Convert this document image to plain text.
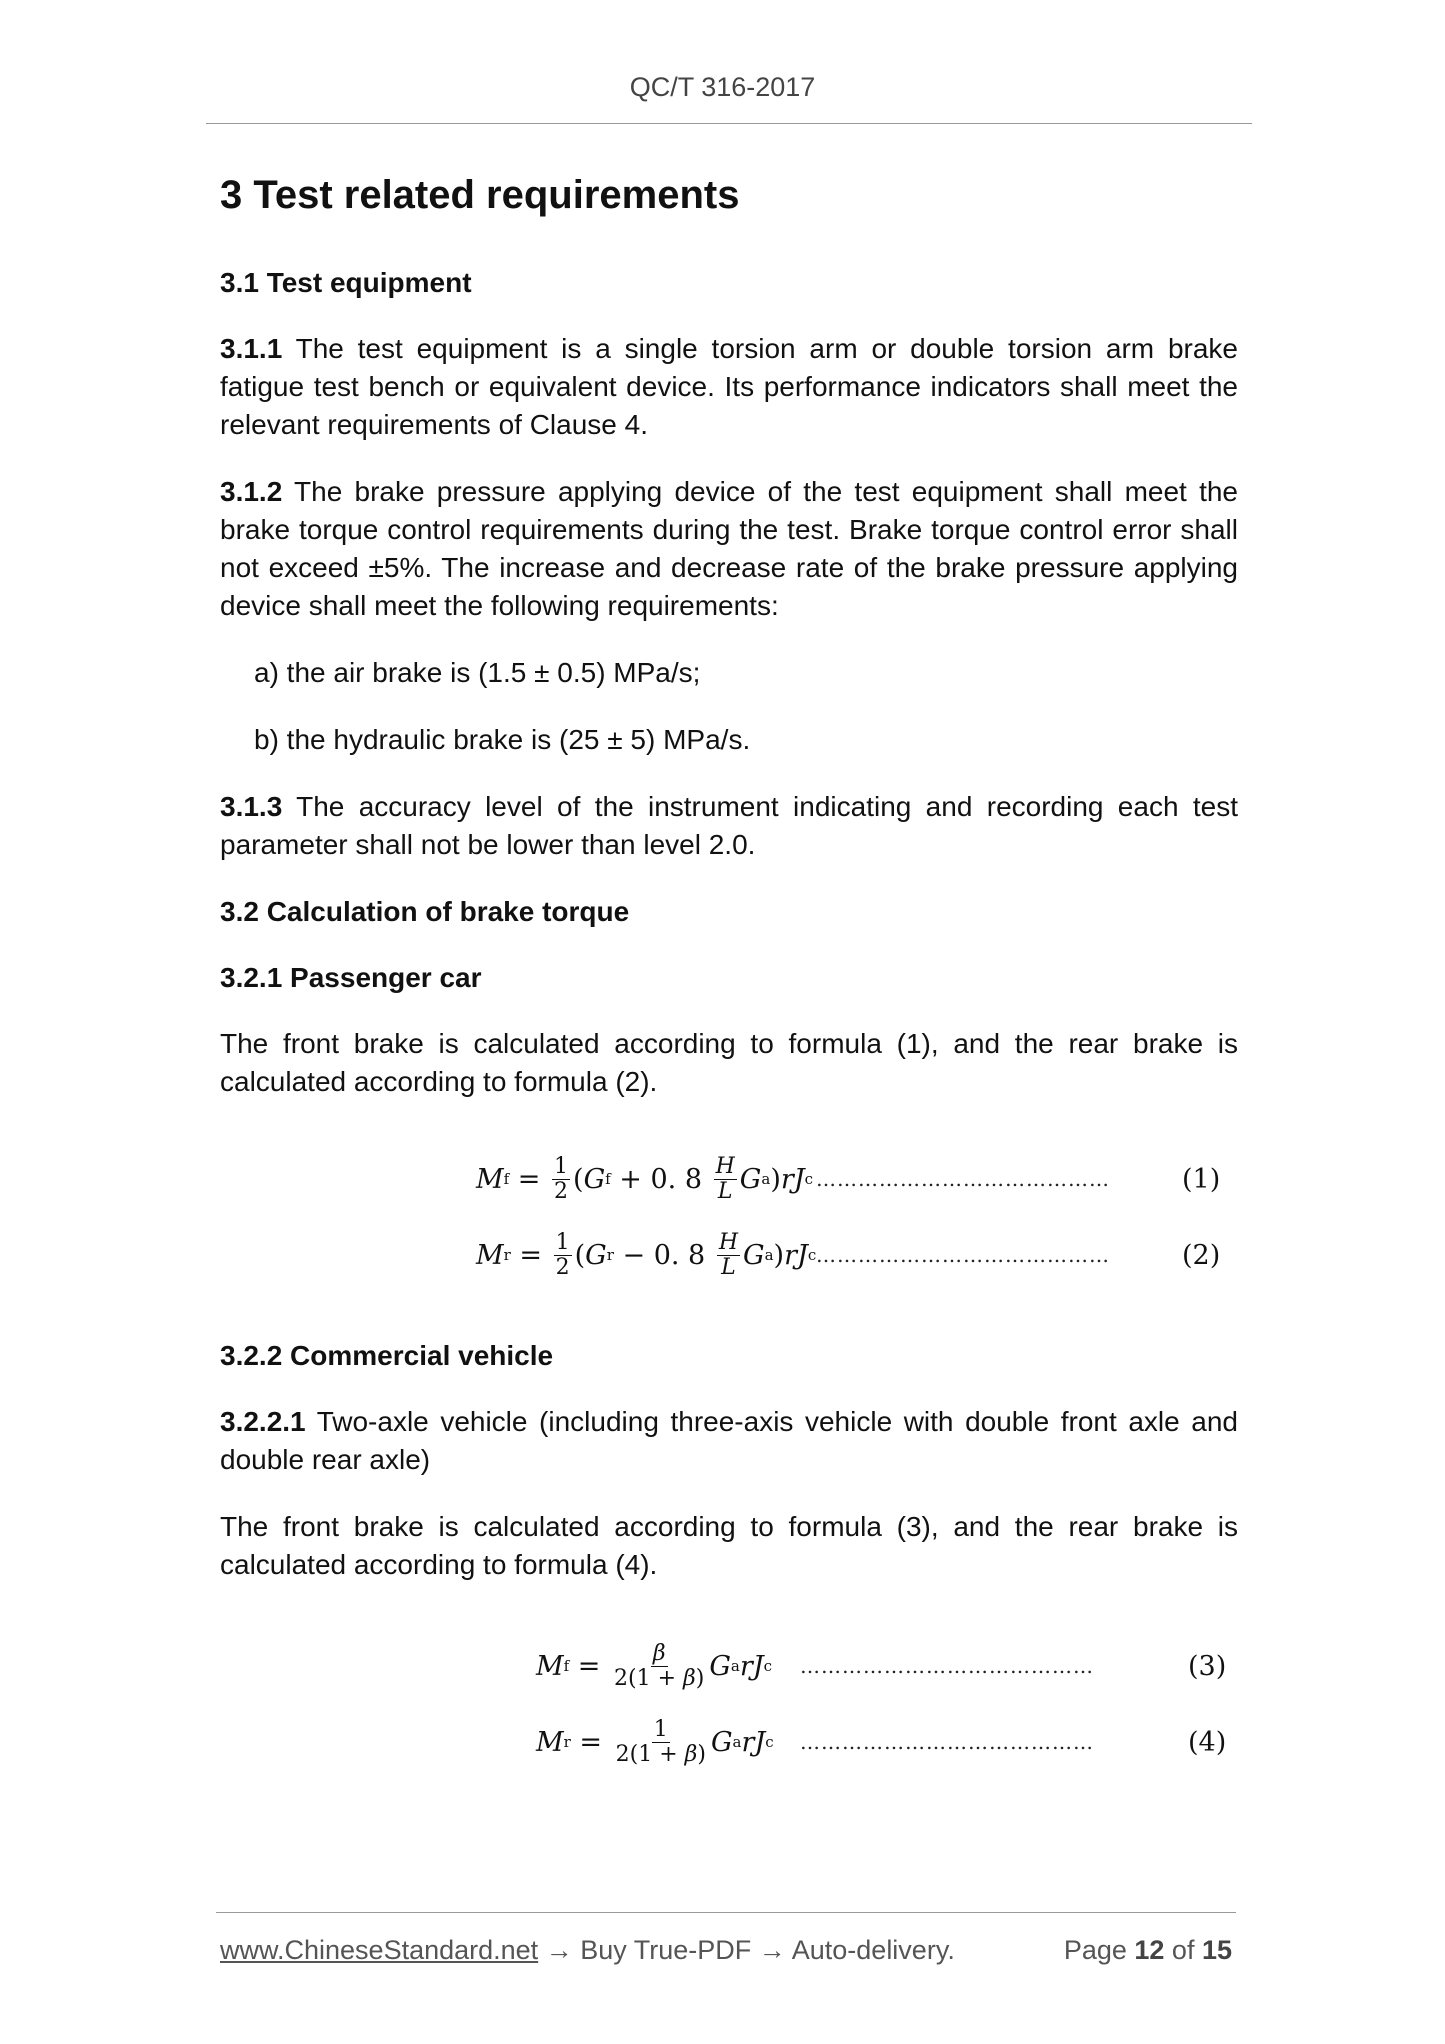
QC/T 316-2017
3 Test related requirements
3.1 Test equipment
3.1.1 The test equipment is a single torsion arm or double torsion arm brake fatigue test bench or equivalent device. Its performance indicators shall meet the relevant requirements of Clause 4.
3.1.2 The brake pressure applying device of the test equipment shall meet the brake torque control requirements during the test. Brake torque control error shall not exceed ±5%. The increase and decrease rate of the brake pressure applying device shall meet the following requirements:
a) the air brake is (1.5 ± 0.5) MPa/s;
b) the hydraulic brake is (25 ± 5) MPa/s.
3.1.3 The accuracy level of the instrument indicating and recording each test parameter shall not be lower than level 2.0.
3.2 Calculation of brake torque
3.2.1 Passenger car
The front brake is calculated according to formula (1), and the rear brake is calculated according to formula (2).
M $f = \frac{1}{2}$ ( G f + 0. $8 \frac{H}{L}$ G a ) rJ c ……………………………………	(1)
M $r = \frac{1}{2}$ ( G r − 0. $8 \frac{H}{L}$ G a ) rJ c ……………………………………	(2)
3.2.2 Commercial vehicle
3.2.2.1 Two-axle vehicle (including three-axis vehicle with double front axle and double rear axle)
The front brake is calculated according to formula (3), and the rear brake is calculated according to formula (4).
M $f = \frac{\beta}{2(1 + \beta)}$ G a rJ c ……………………………………	(3)
M $r = \frac{1}{2(1 + \beta)}$ G a rJ c ……………………………………	(4)
www.ChineseStandard.net → Buy True-PDF → Auto-delivery.	Page 12 of 15
